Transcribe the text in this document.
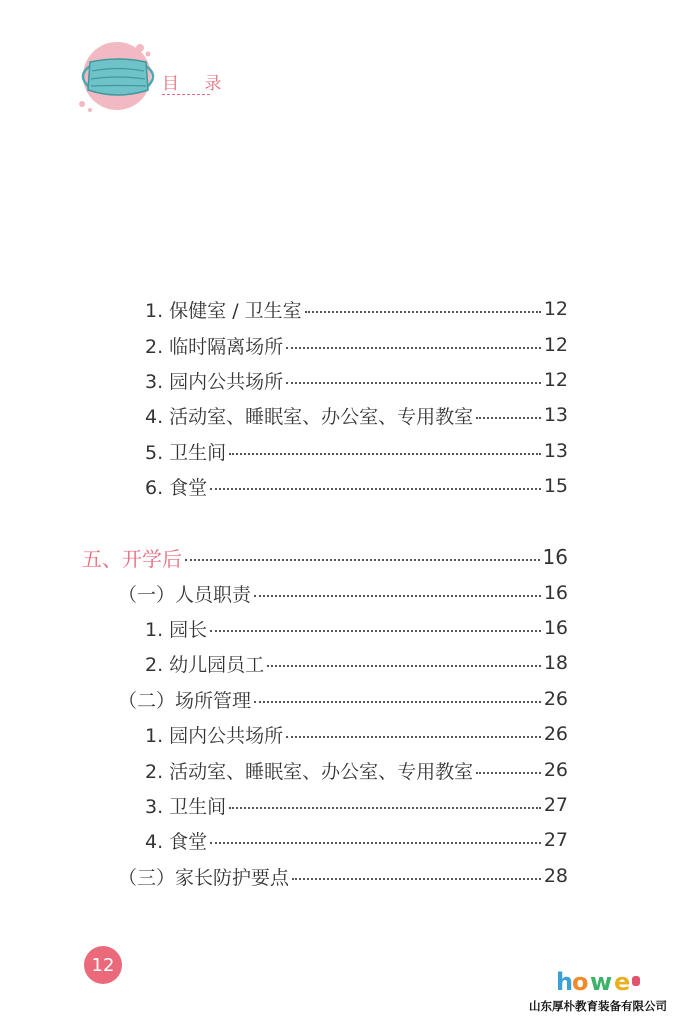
目 录
1. 保健室 / 卫生室	12
2. 临时隔离场所	12
3. 园内公共场所	12
4. 活动室、睡眠室、办公室、专用教室	13
5. 卫生间	13
6. 食堂	15
五、开学后	16
（一）人员职责	16
1. 园长	16
2. 幼儿园员工	18
（二）场所管理	26
1. 园内公共场所	26
2. 活动室、睡眠室、办公室、专用教室	26
3. 卫生间	27
4. 食堂	27
（三）家长防护要点	28
12
h
o w e
山东厚朴教育装备有限公司
